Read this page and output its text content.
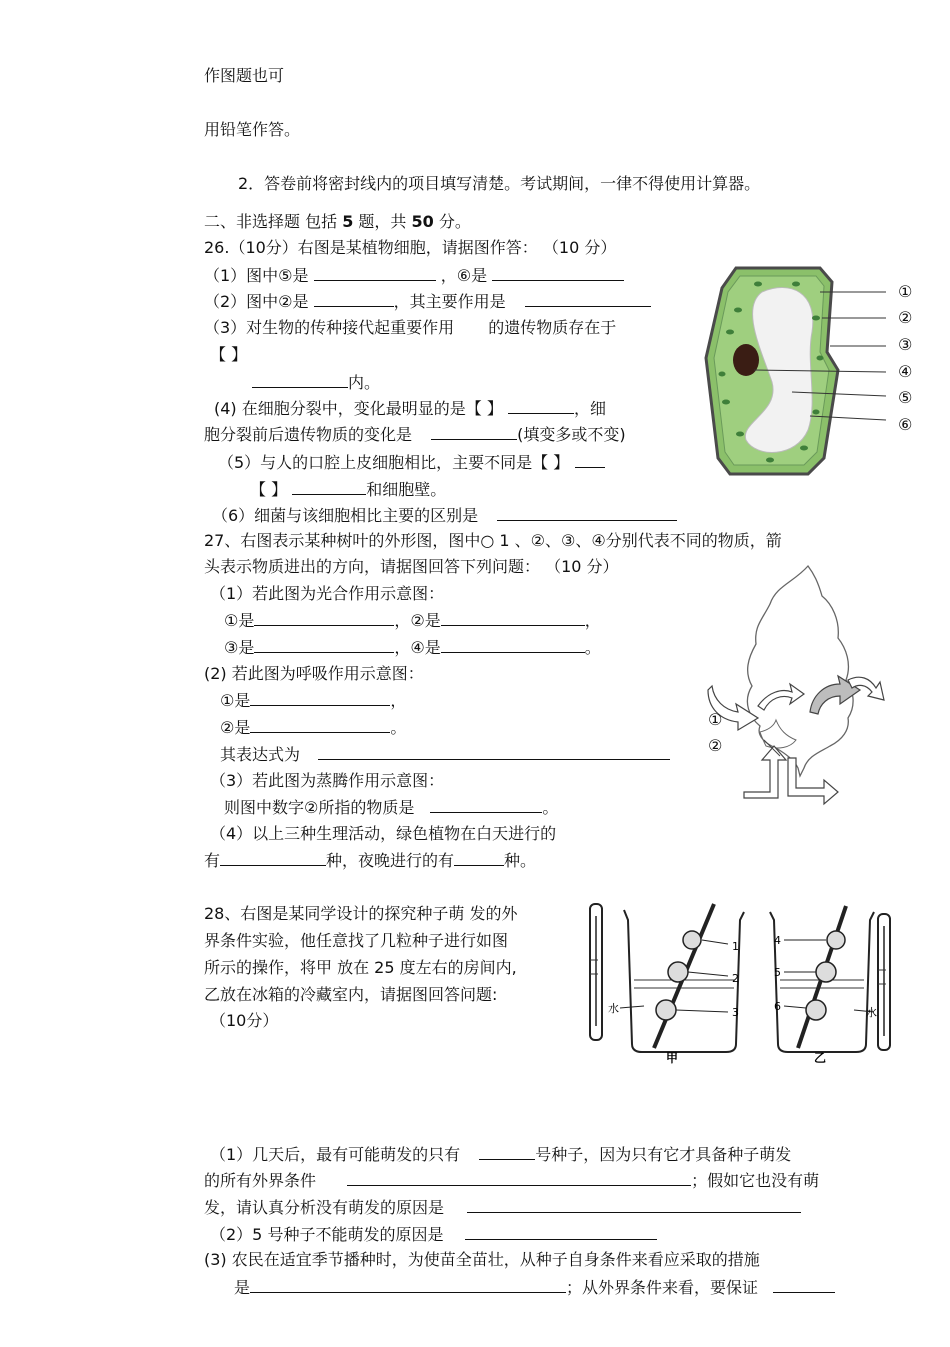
作图题也可
用铅笔作答。
2．答卷前将密封线内的项目填写清楚。考试期间，一律不得使用计算器。
二、非选择题 包括 5 题，共 50 分。
26.（10分）右图是某植物细胞，请据图作答： （10 分）
（1）图中⑤是	，⑥是
（2）图中②是	，其主要作用是
（3）对生物的传种接代起重要作用 的遗传物质存在于
【 】
内。
(4) 在细胞分裂中，变化最明显的是【 】	，细
胞分裂前后遗传物质的变化是	(填变多或不变)
（5）与人的口腔上皮细胞相比，主要不同是【 】
【 】	和细胞壁。
（6）细菌与该细胞相比主要的区别是
①
②
③
④
⑤
⑥
27、右图表示某种树叶的外形图，图中○ 1 、②、③、④分别代表不同的物质，箭
头表示物质进出的方向，请据图回答下列问题： （10 分）
（1）若此图为光合作用示意图：
①是	，②是	，
③是	，④是	。
(2) 若此图为呼吸作用示意图：
①是	，
②是	。
其表达式为
（3）若此图为蒸腾作用示意图：
则图中数字②所指的物质是	。
（4）以上三种生理活动，绿色植物在白天进行的
有	种，夜晚进行的有	种。
①
②
28、右图是某同学设计的探究种子萌 发的外
界条件实验，他任意找了几粒种子进行如图
所示的操作，将甲 放在 25 度左右的房间内,
乙放在冰箱的冷藏室内，请据图回答问题:
（10分）
1
2
3
4
5
6
水	水
甲	乙
（1）几天后，最有可能萌发的只有	号种子，因为只有它才具备种子萌发
的所有外界条件	；假如它也没有萌
发，请认真分析没有萌发的原因是
（2）5 号种子不能萌发的原因是
(3) 农民在适宜季节播种时，为使苗全苗壮，从种子自身条件来看应采取的措施
是	；从外界条件来看，要保证
